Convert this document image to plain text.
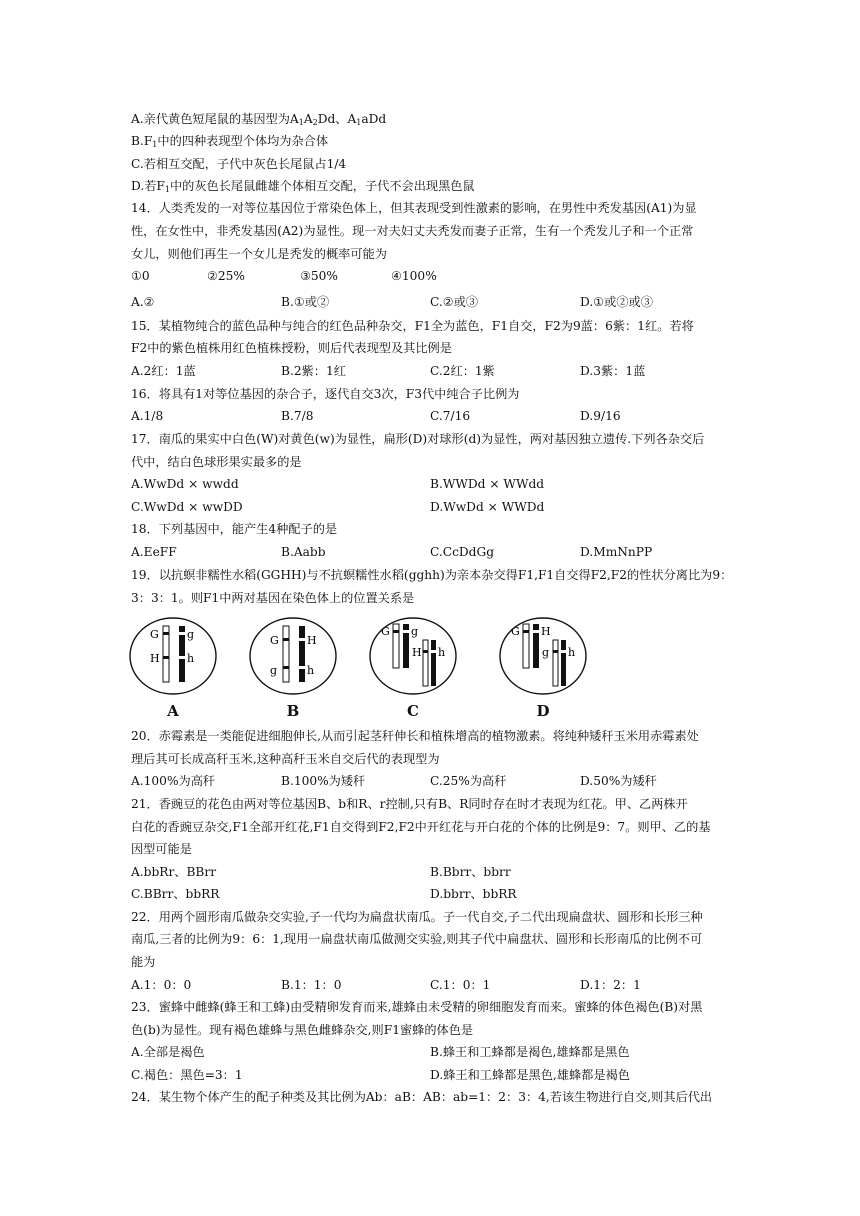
A.亲代黄色短尾鼠的基因型为$A_1A_2Dd$、$A_1aDd$
$B.F_1$中的四种表现型个体均为杂合体
C.若相互交配，子代中灰色长尾鼠占1/4
D.若$F_1$中的灰色长尾鼠雌雄个体相互交配，子代不会出现黑色鼠
14．人类秃发的一对等位基因位于常染色体上，但其表现受到性激素的影响，在男性中秃发基因(A1)为显
性，在女性中，非秃发基因(A2)为显性。现一对夫妇丈夫秃发而妻子正常，生有一个秃发儿子和一个正常
女儿，则他们再生一个女儿是秃发的概率可能为
①0	②25%	③50%	④100%
A.②	B.①或②	C.②或③	D.①或②或③
15．某植物纯合的蓝色品种与纯合的红色品种杂交，F1全为蓝色，F1自交，F2为9蓝：6紫：1红。若将
F2中的紫色植株用红色植株授粉，则后代表现型及其比例是
A.2红：1蓝	B.2紫：1红	C.2红：1紫	D.3紫：1蓝
16．将具有1对等位基因的杂合子，逐代自交3次，F3代中纯合子比例为
A.1/8	B.7/8	C.7/16	D.9/16
17．南瓜的果实中白色(W)对黄色(w)为显性，扁形(D)对球形(d)为显性，两对基因独立遗传.下列各杂交后
代中，结白色球形果实最多的是
A.WwDd × wwdd	B.WWDd × WWdd
C.WwDd × wwDD	D.WwDd × WWDd
18．下列基因中，能产生4种配子的是
A.EeFF	B.Aabb	C.CcDdGg	D.MmNnPP
19．以抗螟非糯性水稻(GGHH)与不抗螟糯性水稻(gghh)为亲本杂交得F1,F1自交得F2,F2的性状分离比为9：
3：3：1。则F1中两对基因在染色体上的位置关系是
G	g
H h
A
G	H
g	h
B
G g
H h
C
G H
g h
D
20．赤霉素是一类能促进细胞伸长,从而引起茎秆伸长和植株增高的植物激素。将纯种矮秆玉米用赤霉素处
理后其可长成高秆玉米,这种高秆玉米自交后代的表现型为
A.100%为高秆	B.100%为矮秆	C.25%为高秆	D.50%为矮秆
21．香豌豆的花色由两对等位基因B、b和R、r控制,只有B、R同时存在时才表现为红花。甲、乙两株开
白花的香豌豆杂交,F1全部开红花,F1自交得到F2,F2中开红花与开白花的个体的比例是9：7。则甲、乙的基
因型可能是
A.bbRr、BBrr	B.Bbrr、bbrr
C.BBrr、bbRR	D.bbrr、bbRR
22．用两个圆形南瓜做杂交实验,子一代均为扁盘状南瓜。子一代自交,子二代出现扁盘状、圆形和长形三种
南瓜,三者的比例为9：6：1,现用一扁盘状南瓜做测交实验,则其子代中扁盘状、圆形和长形南瓜的比例不可
能为
A.1：0：0	B.1：1：0	C.1：0：1	D.1：2：1
23．蜜蜂中雌蜂(蜂王和工蜂)由受精卵发育而来,雄蜂由未受精的卵细胞发育而来。蜜蜂的体色褐色(B)对黑
色(b)为显性。现有褐色雄蜂与黑色雌蜂杂交,则F1蜜蜂的体色是
A.全部是褐色	B.蜂王和工蜂都是褐色,雄蜂都是黑色
C.褐色：黑色=3：1	D.蜂王和工蜂都是黑色,雄蜂都是褐色
24．某生物个体产生的配子种类及其比例为Ab：aB：AB：ab=1：2：3：4,若该生物进行自交,则其后代出
